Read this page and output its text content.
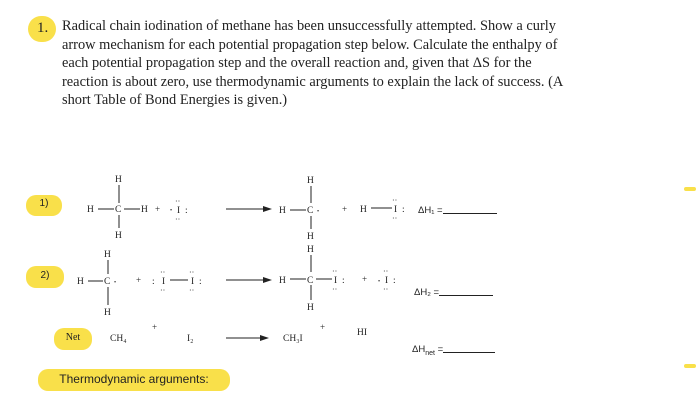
1. Radical chain iodination of methane has been unsuccessfully attempted. Show a curly
arrow mechanism for each potential propagation step below. Calculate the enthalpy of
each potential propagation step and the overall reaction and, given that ΔS for the
reaction is about zero, use thermodynamic arguments to explain the lack of success. (A
short Table of Bond Energies is given.)
1)
2)
Net
H
H C H
H
+ • I :
··
··
H
H C •
H
+ H	I :
··
··
H
H C •
H
+ : I
··
··
I :
··
··
H
H C I :
··
··
H
+ • I :
··
··
CH₄
+
I₂	CH₃I
+
HI
ΔH₁ =
ΔH₂ =
$\Delta H_{net}$ =
Thermodynamic arguments:
